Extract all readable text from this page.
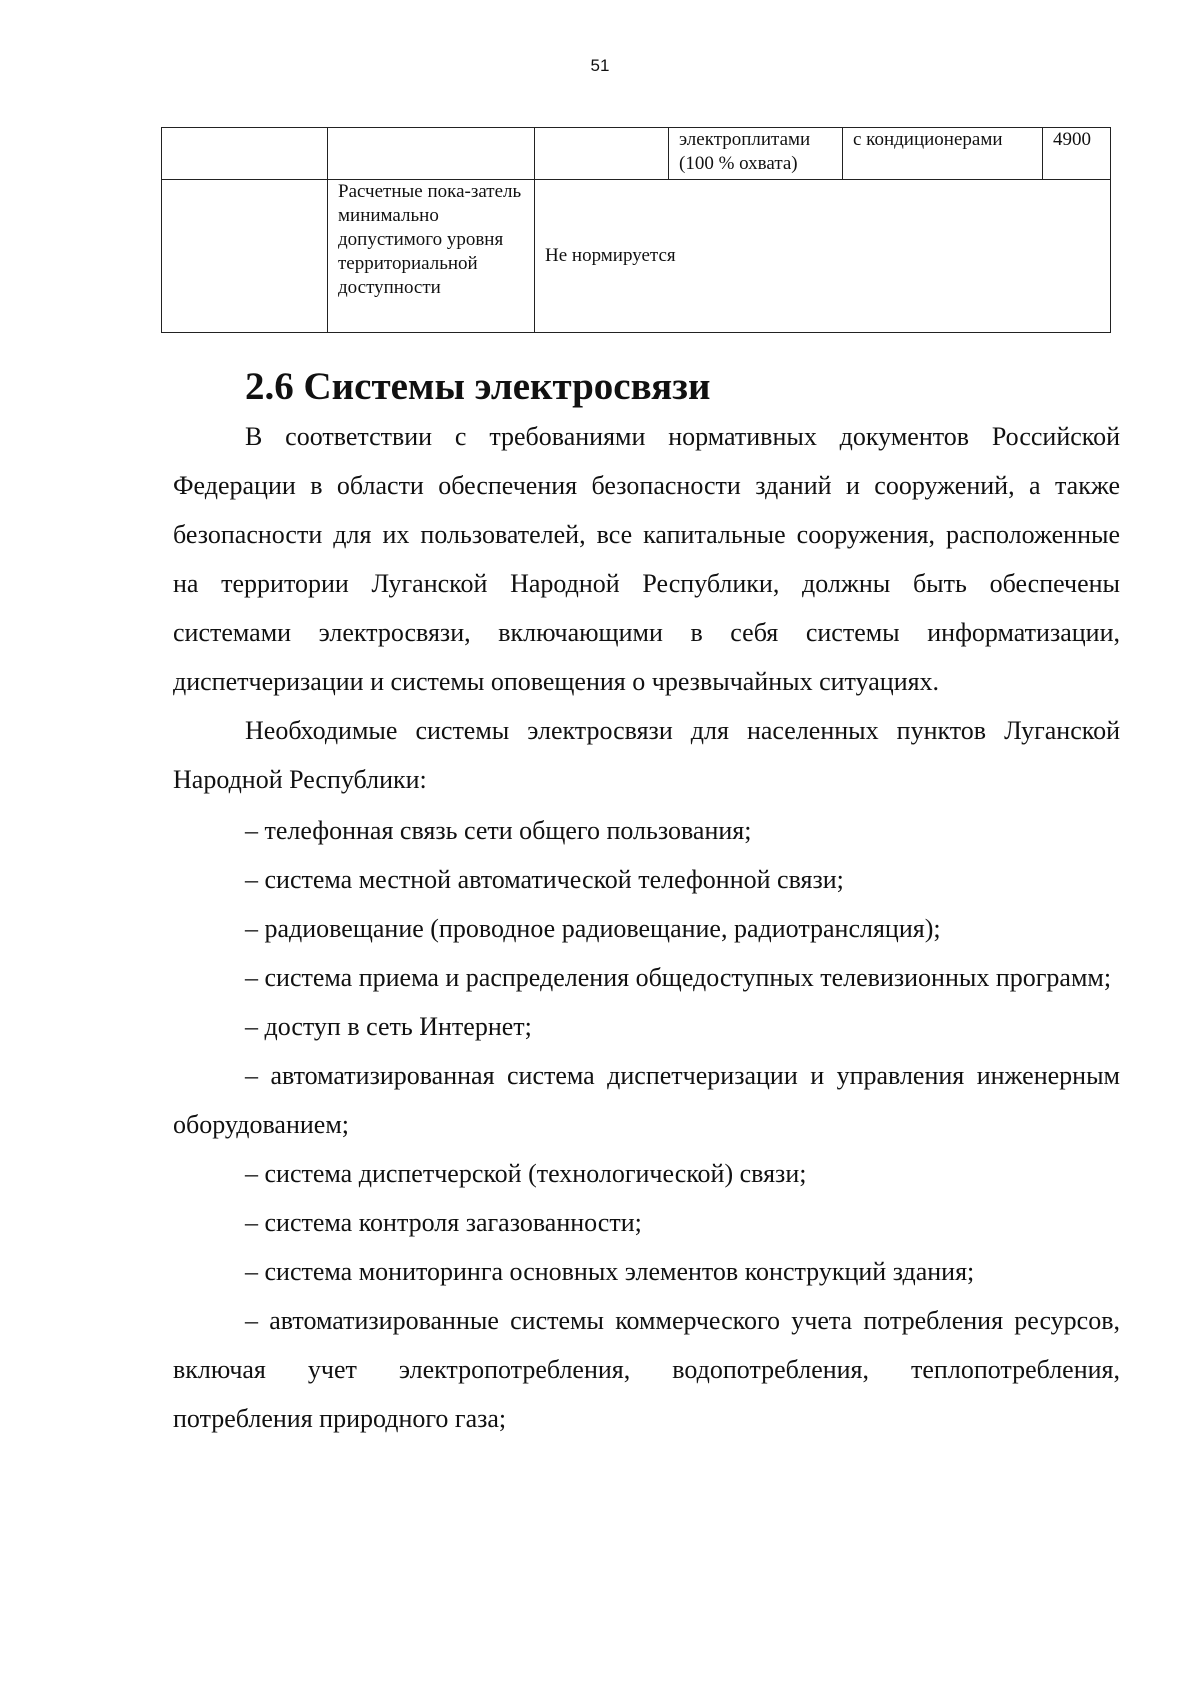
51
			электроплитами (100 % охвата)	с кондиционерами	4900
	Расчетные пока-затель минимально допустимого уровня территориальной доступности	Не нормируется			
2.6 Системы электросвязи

В соответствии с требованиями нормативных документов Российской Федерации в области обеспечения безопасности зданий и сооружений, а также безопасности для их пользователей, все капитальные сооружения, расположенные на территории Луганской Народной Республики, должны быть обеспечены системами электросвязи, включающими в себя системы информатизации, диспетчеризации и системы оповещения о чрезвычайных ситуациях.

Необходимые системы электросвязи для населенных пунктов Луганской Народной Республики:

– телефонная связь сети общего пользования;

– система местной автоматической телефонной связи;

– радиовещание (проводное радиовещание, радиотрансляция);

– система приема и распределения общедоступных телевизионных программ;

– доступ в сеть Интернет;

– автоматизированная система диспетчеризации и управления инженерным оборудованием;

– система диспетчерской (технологической) связи;

– система контроля загазованности;

– система мониторинга основных элементов конструкций здания;

– автоматизированные системы коммерческого учета потребления ресурсов, включая учет электропотребления, водопотребления, теплопотребления, потребления природного газа;
